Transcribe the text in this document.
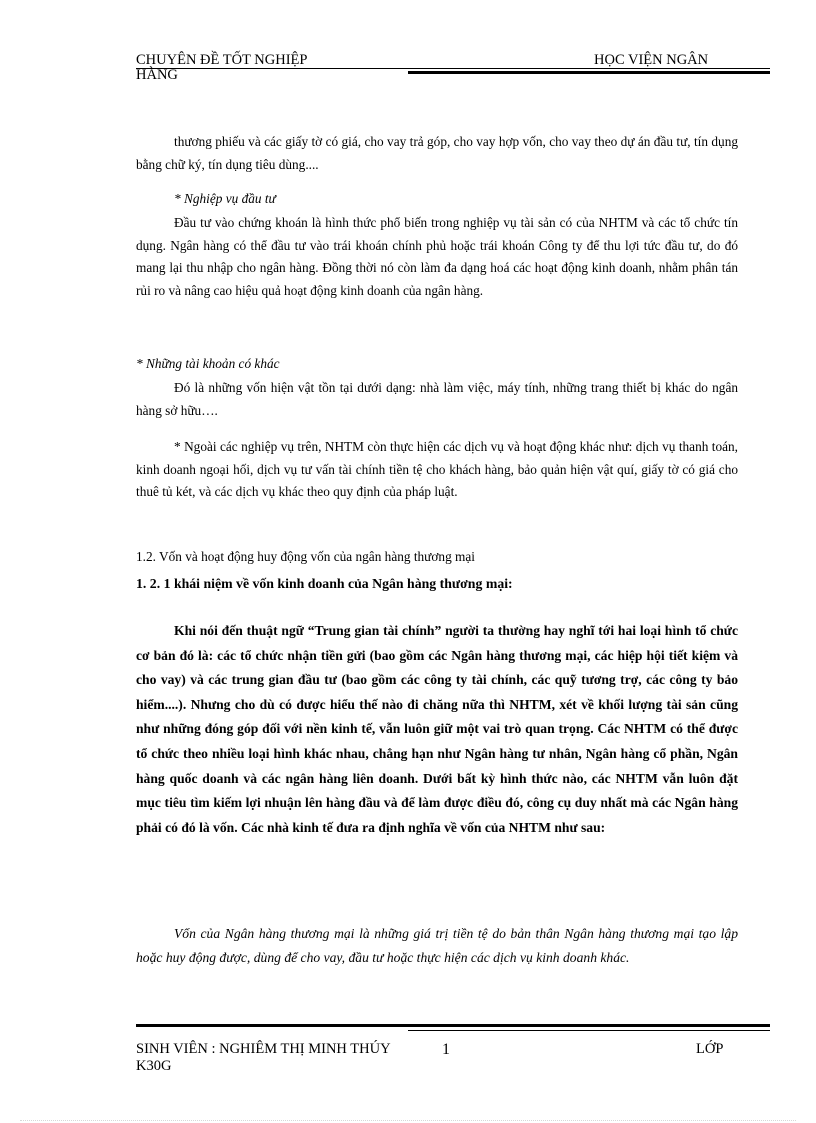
CHUYÊN ĐỀ TỐT NGHIỆP
HÀNG
HỌC VIỆN NGÂN
thương phiếu và các giấy tờ có giá, cho vay trả góp, cho vay hợp vốn, cho vay theo dự án đầu tư, tín dụng bằng chữ ký, tín dụng tiêu dùng....
* Nghiệp vụ đầu tư
Đầu tư vào chứng khoán là hình thức phổ biến trong nghiệp vụ tài sản có của NHTM và các tổ chức tín dụng. Ngân hàng có thể đầu tư vào trái khoán chính phủ hoặc trái khoán Công ty để thu lợi tức đầu tư, do đó mang lại thu nhập cho ngân hàng. Đồng thời nó còn làm đa dạng hoá các hoạt động kinh doanh, nhằm phân tán rủi ro và nâng cao hiệu quả hoạt động kinh doanh của ngân hàng.
* Những tài khoản có khác
Đó là những vốn hiện vật tồn tại dưới dạng: nhà làm việc, máy tính, những trang thiết bị khác do ngân hàng sở hữu….
* Ngoài các nghiệp vụ trên, NHTM còn thực hiện các dịch vụ và hoạt động khác như: dịch vụ thanh toán, kinh doanh ngoại hối, dịch vụ tư vấn tài chính tiền tệ cho khách hàng, bảo quản hiện vật quí, giấy tờ có giá cho thuê tủ két, và các dịch vụ khác theo quy định của pháp luật.
1.2. Vốn và hoạt động huy động vốn của ngân hàng thương mại
1. 2. 1 khái niệm về vốn kinh doanh của Ngân hàng thương mại:
Khi nói đến thuật ngữ “Trung gian tài chính” người ta thường hay nghĩ tới hai loại hình tổ chức cơ bản đó là: các tổ chức nhận tiền gửi (bao gồm các Ngân hàng thương mại, các hiệp hội tiết kiệm và cho vay) và các trung gian đầu tư (bao gồm các công ty tài chính, các quỹ tương trợ, các công ty bảo hiểm....). Nhưng cho dù có được hiểu thế nào đi chăng nữa thì NHTM, xét về khối lượng tài sản cũng như những đóng góp đối với nền kinh tế, vẫn luôn giữ một vai trò quan trọng. Các NHTM có thể được tổ chức theo nhiều loại hình khác nhau, chẳng hạn như Ngân hàng tư nhân, Ngân hàng cổ phần, Ngân hàng quốc doanh và các ngân hàng liên doanh. Dưới bất kỳ hình thức nào, các NHTM vẫn luôn đặt mục tiêu tìm kiếm lợi nhuận lên hàng đầu và để làm được điều đó, công cụ duy nhất mà các Ngân hàng phải có đó là vốn. Các nhà kinh tế đưa ra định nghĩa về vốn của NHTM như sau:
Vốn của Ngân hàng thương mại là những giá trị tiền tệ do bản thân Ngân hàng thương mại tạo lập hoặc huy động được, dùng để cho vay, đầu tư hoặc thực hiện các dịch vụ kinh doanh khác.
SINH VIÊN : NGHIÊM THỊ MINH THÚY
K30G
1	LỚP
